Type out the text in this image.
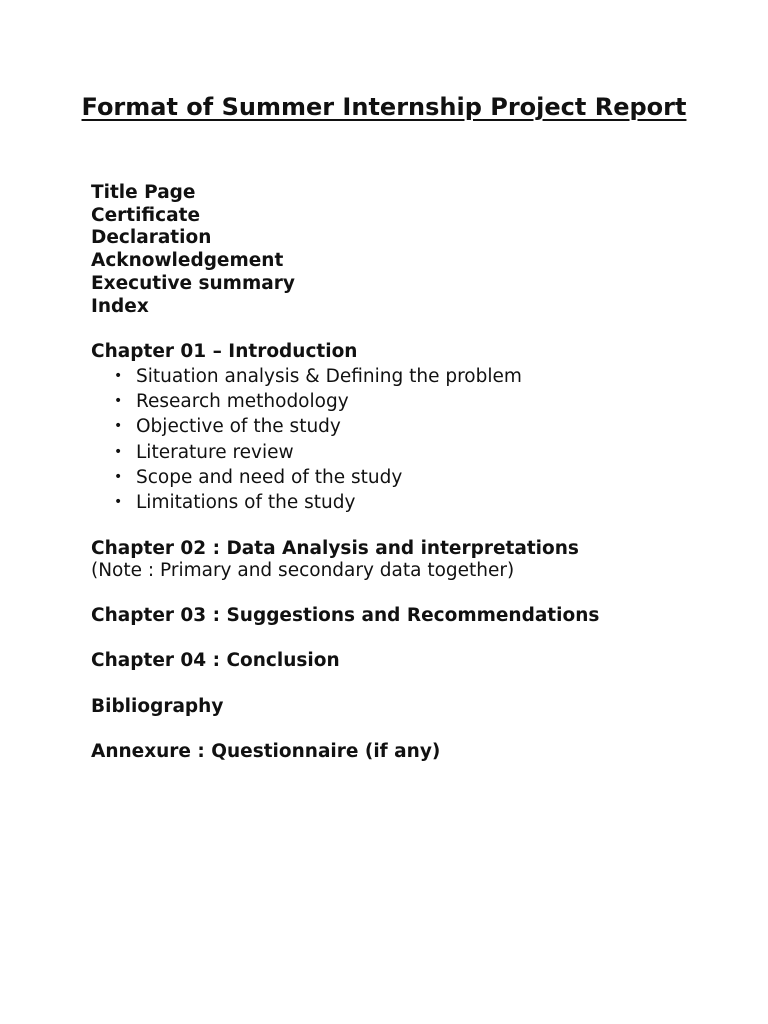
Format of Summer Internship Project Report
Title Page
Certificate
Declaration
Acknowledgement
Executive summary
Index

Chapter 01 – Introduction

• Situation analysis & Defining the problem
• Research methodology
• Objective of the study
• Literature review
• Scope and need of the study
• Limitations of the study

Chapter 02 : Data Analysis and interpretations

(Note : Primary and secondary data together)

Chapter 03 : Suggestions and Recommendations

Chapter 04 : Conclusion

Bibliography

Annexure : Questionnaire (if any)
